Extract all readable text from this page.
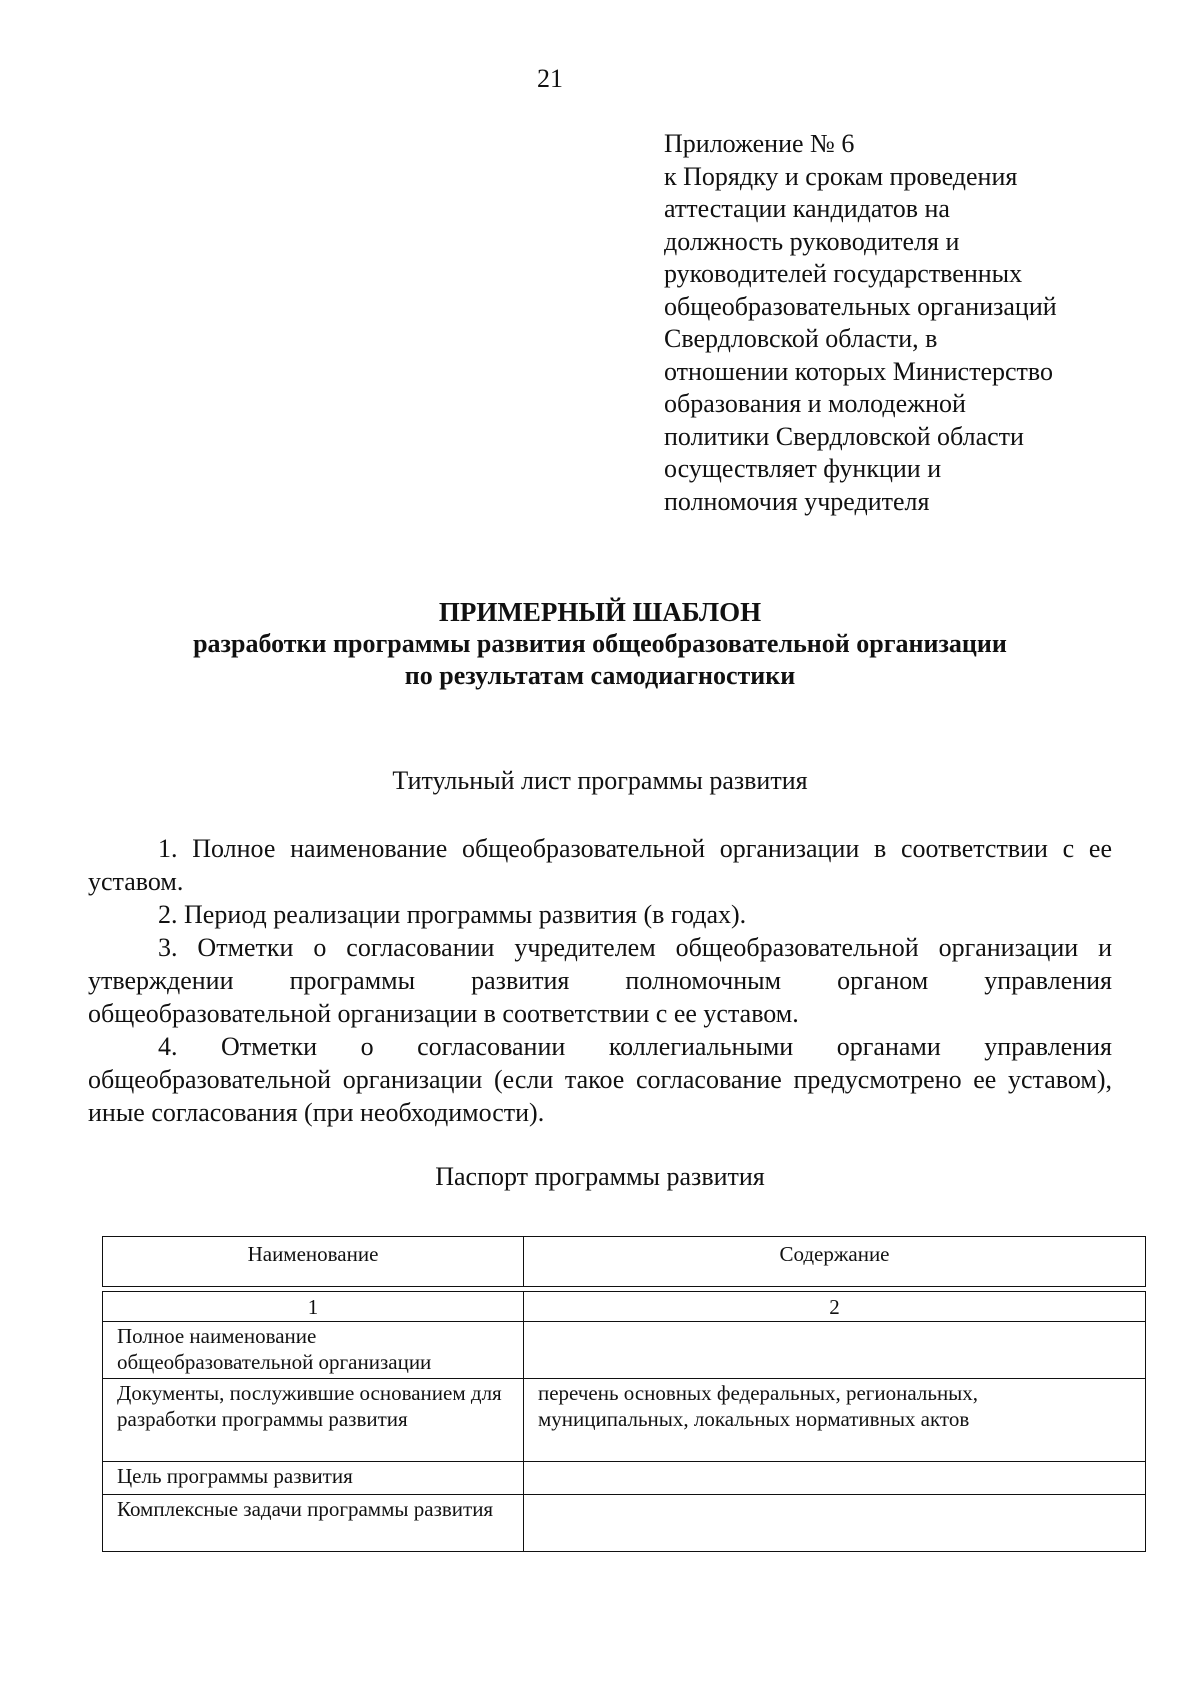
21
Приложение № 6
к Порядку и срокам проведения
аттестации кандидатов на
должность руководителя и
руководителей государственных
общеобразовательных организаций
Свердловской области, в
отношении которых Министерство
образования и молодежной
политики Свердловской области
осуществляет функции и
полномочия учредителя
ПРИМЕРНЫЙ ШАБЛОН
разработки программы развития общеобразовательной организации
по результатам самодиагностики
Титульный лист программы развития

1. Полное наименование общеобразовательной организации в соответствии с ее уставом.

2. Период реализации программы развития (в годах).

3. Отметки о согласовании учредителем общеобразовательной организации и утверждении программы развития полномочным органом управления общеобразовательной организации в соответствии с ее уставом.

4. Отметки о согласовании коллегиальными органами управления общеобразовательной организации (если такое согласование предусмотрено ее уставом), иные согласования (при необходимости).

Паспорт программы развития
Наименование	Содержание

1	2
Полное наименование общеобразовательной организации	
Документы, послужившие основанием для разработки программы развития	перечень основных федеральных, региональных, муниципальных, локальных нормативных актов
Цель программы развития	
Комплексные задачи программы развития	
